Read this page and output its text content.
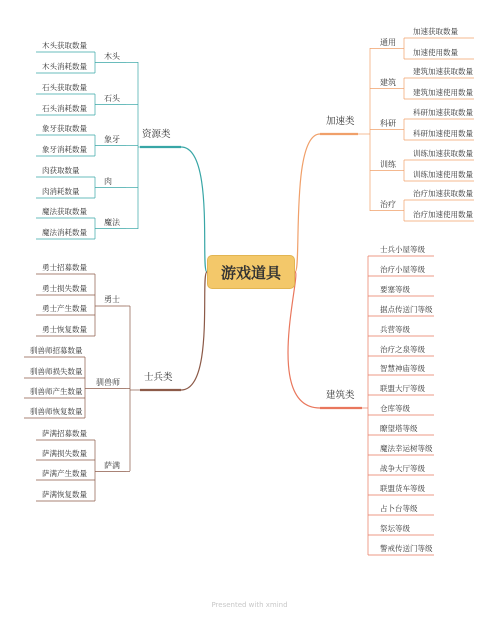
游戏道具
资源类
木头获取数量
木头消耗数量
木头
石头获取数量
石头消耗数量
石头
象牙获取数量
象牙消耗数量
象牙
肉获取数量
肉消耗数量
肉
魔法获取数量
魔法消耗数量
魔法
士兵类
勇士招募数量
勇士损失数量
勇士产生数量
勇士恢复数量
勇士
驯兽师招募数量
驯兽师损失数量
驯兽师产生数量
驯兽师恢复数量
驯兽师
萨满招募数量
萨满损失数量
萨满产生数量
萨满恢复数量
萨满
加速类
通用
加速获取数量
加速使用数量
建筑
建筑加速获取数量
建筑加速使用数量
科研
科研加速获取数量
科研加速使用数量
训练
训练加速获取数量
训练加速使用数量
治疗
治疗加速获取数量
治疗加速使用数量
建筑类
士兵小屋等级
治疗小屋等级
要塞等级
据点传送门等级
兵营等级
治疗之泉等级
智慧神庙等级
联盟大厅等级
仓库等级
瞭望塔等级
魔法幸运树等级
战争大厅等级
联盟货车等级
占卜台等级
祭坛等级
警戒传送门等级
Presented with xmind
